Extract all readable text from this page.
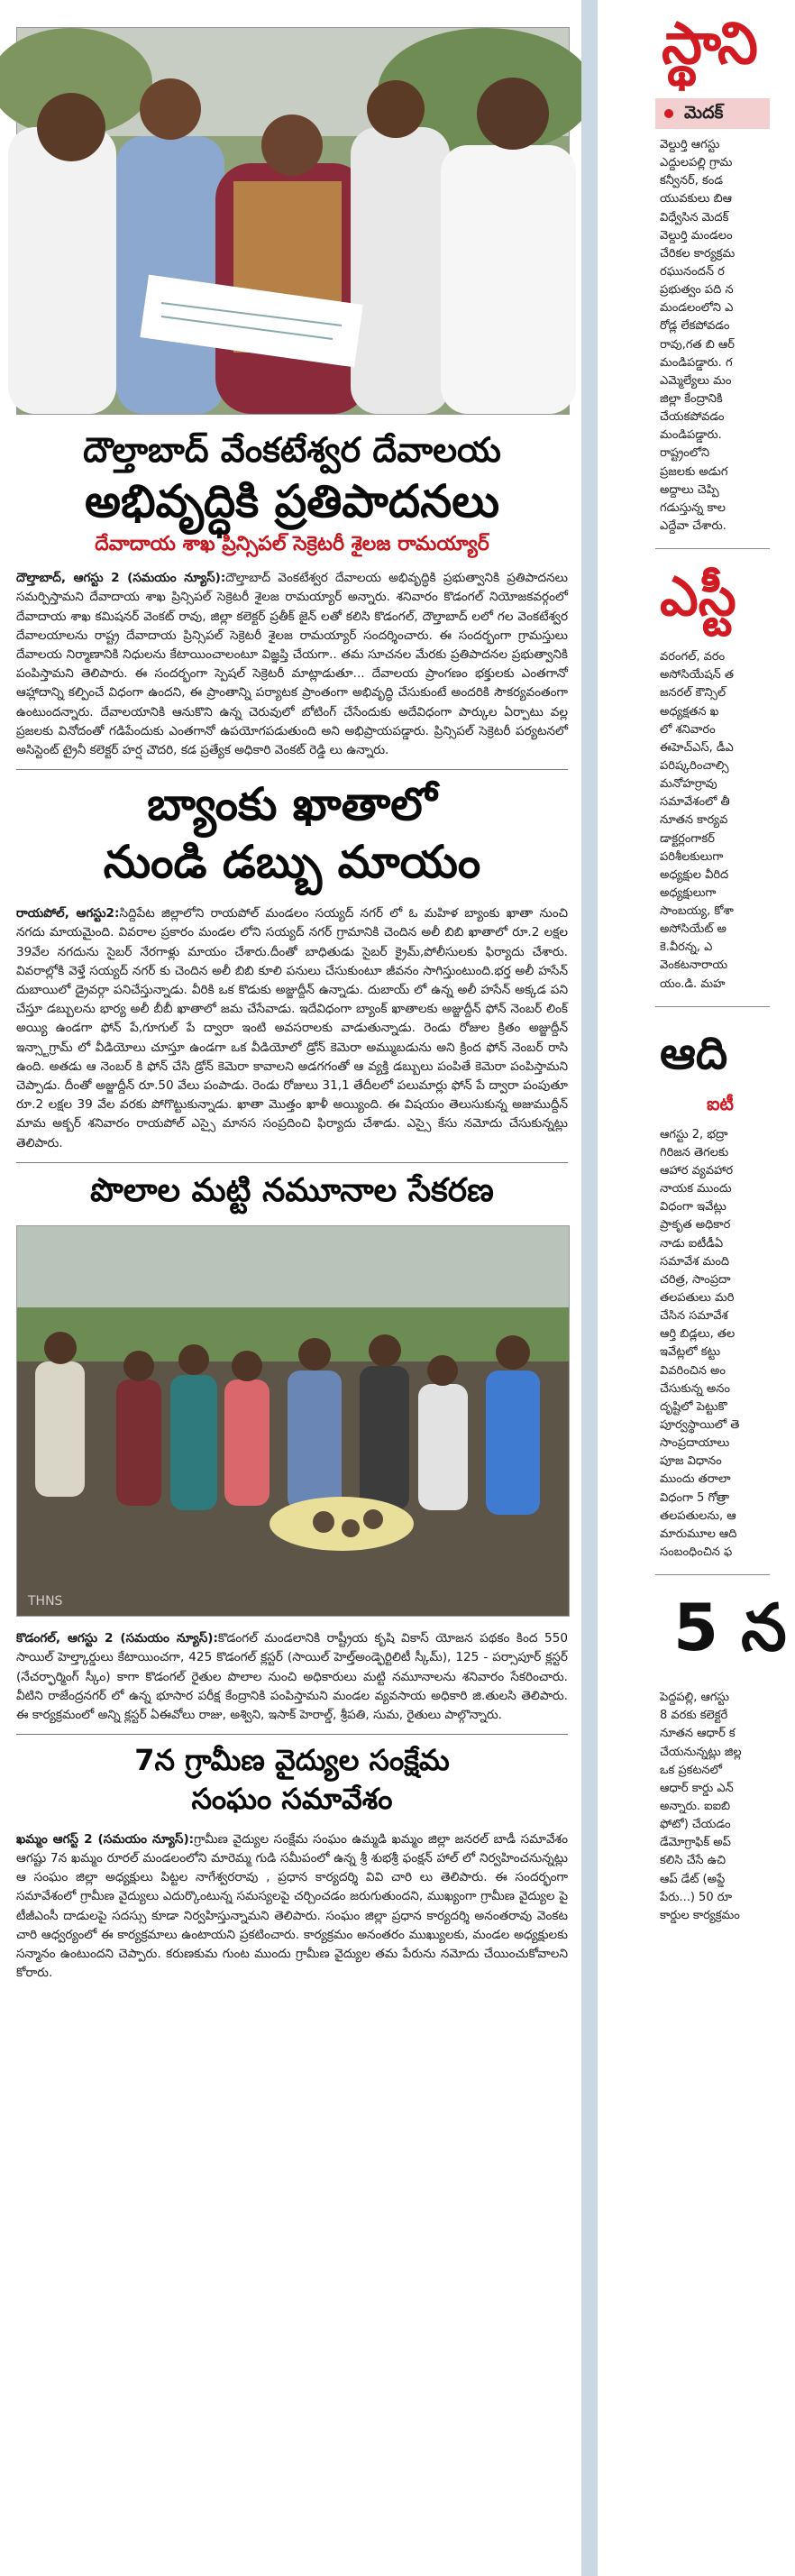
దౌల్తాబాద్ వేంకటేశ్వర దేవాలయ
అభివృద్ధికి ప్రతిపాదనలు
దేవాదాయ శాఖ ప్రిన్సిపల్ సెక్రెటరీ శైలజ రామయ్యార్

దౌల్తాబాద్, ఆగస్టు 2 (సమయం న్యూస్):దౌల్తాబాద్ వెంకటేశ్వర దేవాలయ అభివృద్ధికి ప్రభుత్వానికి ప్రతిపాదనలు సమర్పిస్తామని దేవాదాయ శాఖ ప్రిన్సిపల్ సెక్రెటరీ శైలజ రామయ్యార్ అన్నారు. శనివారం కొడంగల్ నియోజకవర్గంలో దేవాదాయ శాఖ కమిషనర్ వెంకట్ రావు, జిల్లా కలెక్టర్ ప్రతీక్ జైన్ లతో కలిసి కొడంగల్, దౌల్తాబాద్ లలో గల వెంకటేశ్వర దేవాలయాలను రాష్ట్ర దేవాదాయ ప్రిన్సిపల్ సెక్రెటరీ శైలజ రామయ్యార్ సందర్శించారు. ఈ సందర్భంగా గ్రామస్తులు దేవాలయ నిర్మాణానికి నిధులను కేటాయించాలంటూ విజ్ఞప్తి చేయగా.. తమ సూచనల మేరకు ప్రతిపాదనల ప్రభుత్వానికి పంపిస్తామని తెలిపారు. ఈ సందర్భంగా స్పెషల్ సెక్రెటరీ మాట్లాడుతూ... దేవాలయ ప్రాంగణం భక్తులకు ఎంతగానో ఆహ్లాదాన్ని కల్పించే విధంగా ఉందని, ఈ ప్రాంతాన్ని పర్యాటక ప్రాంతంగా అభివృద్ధి చేసుకుంటే అందరికి సౌకర్యవంతంగా ఉంటుందన్నారు. దేవాలయానికి ఆనుకొని ఉన్న చెరువులో బోటింగ్ చేసేందుకు అదేవిధంగా పార్కుల ఏర్పాటు వల్ల ప్రజలకు వినోదంతో గడిపేందుకు ఎంతగానో ఉపయోగపడుతుంది అని అభిప్రాయపడ్డారు. ప్రిన్సిపల్ సెక్రెటరీ పర్యటనలో అసిస్టెంట్ ట్రైనీ కలెక్టర్ హర్ష చౌదరి, కడ ప్రత్యేక అధికారి వెంకట్ రెడ్డి లు ఉన్నారు.

బ్యాంకు ఖాతాలో
నుండి డబ్బు మాయం

రాయపోల్, ఆగస్టు2:సిద్దిపేట జిల్లాలోని రాయపోల్ మండలం సయ్యద్ నగర్ లో ఓ మహిళ బ్యాంకు ఖాతా నుంచి నగదు మాయమైంది. వివరాల ప్రకారం మండల లోని సయ్యద్ నగర్ గ్రామానికి చెందిన అలీ బిబి ఖాతాలో రూ.2 లక్షల 39వేల నగదును సైబర్ నేరగాళ్లు మాయం చేశారు.దీంతో బాధితుడు సైబర్ క్రైమ్,పోలీసులకు ఫిర్యాదు చేశారు. వివరాల్లోకి వెళ్తే సయ్యద్ నగర్ కు చెందిన అలీ బిబి కూలి పనులు చేసుకుంటూ జీవనం సాగిస్తుంటుంది.భర్త అలీ హసేన్ దుబాయిలో డ్రైవర్గా పనిచేస్తున్నాడు. వీరికి ఒక కొడుకు అజ్జుద్దీన్ ఉన్నాడు. దుబాయ్ లో ఉన్న అలీ హసేన్ అక్కడ పని చేస్తూ డబ్బులను భార్య అలీ బీబీ ఖాతాలో జమ చేసేవాడు. ఇదేవిధంగా బ్యాంక్ ఖాతాలకు అజ్జుద్దీన్ ఫోన్ నెంబర్ లింక్ అయ్యి ఉండగా ఫోన్ పే,గూగుల్ పే ద్వారా ఇంటి అవసరాలకు వాడుతున్నాడు. రెండు రోజుల క్రితం అజ్జుద్దీన్ ఇన్స్టాగ్రామ్ లో వీడియోలు చూస్తూ ఉండగా ఒక వీడియోలో డ్రోన్ కెమెరా అమ్ముబడును అని క్రింద ఫోన్ నెంబర్ రాసి ఉంది. అతడు ఆ నెంబర్ కి ఫోన్ చేసి డ్రోన్ కెమెరా కావాలని అడగగంతో ఆ వ్యక్తి డబ్బులు పంపితే కెమెరా పంపిస్తామని చెప్పాడు. దీంతో అజ్జుద్దీన్ రూ.50 వేలు పంపాడు. రెండు రోజులు 31,1 తేదీలలో పలుమార్లు ఫోన్ పే ద్వారా పంపుతూ రూ.2 లక్షల 39 వేల వరకు పోగొట్టుకున్నాడు. ఖాతా మొత్తం ఖాళీ అయ్యింది. ఈ విషయం తెలుసుకున్న అజుముద్దీన్ మామ అక్బర్ శనివారం రాయపోల్ ఎస్సై మానస సంప్రదించి ఫిర్యాదు చేశాడు. ఎస్సై కేసు నమోదు చేసుకున్నట్లు తెలిపారు.

పొలాల మట్టి నమూనాల సేకరణ
THNS

కొడంగల్, ఆగస్టు 2 (సమయం న్యూస్):కొడంగల్ మండలానికి రాష్ట్రీయ కృషి వికాస్ యోజన పథకం కింద 550 సాయిల్ హెల్త్కార్డులు కేటాయించగా, 425 కొడంగల్ క్లస్టర్ (సాయిల్ హెల్త్అండ్ఫెర్టిలిటీ స్కీమ్), 125 - పర్సాపూర్ క్లస్టర్ (నేచర్ఫార్మింగ్ స్కీం) కాగా కొడంగల్ రైతుల పొలాల నుంచి అధికారులు మట్టి నమూనాలను శనివారం సేకరించారు. వీటిని రాజేంద్రనగర్ లో ఉన్న భూసార పరీక్ష కేంద్రానికి పంపిస్తామని మండల వ్యవసాయ అధికారి జి.తులసి తెలిపారు. ఈ కార్యక్రమంలో అన్ని క్లస్టర్ ఏఈవోలు రాజు, అశ్విని, ఇసాక్ హెరాల్డ్, శ్రీపతి, సుమ, రైతులు పాల్గొన్నారు.

7న గ్రామీణ వైద్యుల సంక్షేమ
సంఘం సమావేశం

ఖమ్మం ఆగస్ట్ 2 (సమయం న్యూస్):గ్రామీణ వైద్యుల సంక్షేమ సంఘం ఉమ్మడి ఖమ్మం జిల్లా జనరల్ బాడీ సమావేశం ఆగష్టు 7న ఖమ్మం రూరల్ మండలంలోని మారెమ్మ గుడి సమీపంలో ఉన్న శ్రీ శుభశ్రీ ఫంక్షన్ హాల్ లో నిర్వహించనున్నట్లు ఆ సంఘం జిల్లా అధ్యక్షులు పిట్టల నాగేశ్వరరావు , ప్రధాన కార్యదర్శి వివి చారి లు తెలిపారు. ఈ సందర్భంగా సమావేశంలో గ్రామీణ వైద్యులు ఎదుర్కొంటున్న సమస్యలపై చర్చించడం జరుగుతుందని, ముఖ్యంగా గ్రామీణ వైద్యుల పై టీజీఎంసీ దాడులపై సదస్సు కూడా నిర్వహిస్తున్నామని తెలిపారు. సంఘం జిల్లా ప్రధాన కార్యదర్శి అనంతరావు వెంకట చారి ఆధ్వర్యంలో ఈ కార్యక్రమాలు ఉంటాయని ప్రకటించారు. కార్యక్రమం అనంతరం ముఖ్యులకు, మండల అధ్యక్షులకు సన్మానం ఉంటుందని చెప్పారు. కరుణకుమ గుంట ముందు గ్రామీణ వైద్యుల తమ పేరును నమోదు చేయించుకోవాలని కోరారు.

స్థాని
మెదక్
వెల్దుర్తి ఆగస్టు
ఎద్దులపల్లి గ్రామ
కన్వీనర్, కండ
యువకులు బిఆ
విధ్వేసిన మెదక్
వెల్దుర్తి మండలం
చేరికల కార్యక్రమ
రఘునందన్ ర
ప్రభుత్వం పది న
మండలంలోని ఎ
రోడ్ల లేకపోవడం
రావు,గత బి ఆర్
మండిపడ్డారు. గ
ఎమ్మెల్యేలు మం
జిల్లా కేంద్రానికి
చేయకపోవడం
మండిపడ్డారు.
రాష్ట్రంలోని
ప్రజలకు అడుగ
అద్దాలు చెప్పి
గడుస్తున్న కాల
ఎద్దేవా చేశారు.
ఎస్టీ
వరంగల్, వరం
అసోసియేషన్ త
జనరల్ కౌన్సిల్
అధ్యక్షతన ఖ
లో శనివారం
ఈహెచ్ఎస్, డీఎ
పరిష్కరించాల్సి
మనోహర్రావు
సమావేశంలో తీ
నూతన కార్యవ
డాక్టర్లంగాకర్
పరిశీలకులుగా
అధ్యక్షుల వీరిద
అధ్యక్షులుగా
సాంబయ్య, కోశా
అసోసియేట్ అ
కె.వీరన్న, ఎ
వెంకటనారాయ
యం.డి. మహ
ఆది
ఐటీ
ఆగస్టు 2, భద్రా
గిరిజన తెగలకు
ఆహార వ్యవహార
నాయక ముందు
విధంగా ఇవేట్లు
ప్రాకృత అధికార
నాడు ఐటీడీఏ
సమావేశ మంది
చరిత్ర, సాంప్రదా
తలపతులు మరి
చేసిన సమావేశ
ఆర్తి బిడ్లలు, తల
ఇవేట్లలో కట్టు
వివరించిన అం
చేసుకున్న అనం
దృష్టిలో పెట్టుకొ
పూర్వస్థాయిలో తె
సాంప్రదాయాలు
పూజ విధానం
ముందు తరాలా
విధంగా 5 గోత్రా
తలపతులను, ఆ
మారుమూల ఆది
సంబంధించిన ఫ
5 న
పెద్దపల్లి, ఆగస్టు
8 వరకు కలెక్టరే
నూతన ఆధార్ క
చేయనున్నట్లు జిల్ల
ఒక ప్రకటనలో
ఆధార్ కార్డు ఎన్
అన్నారు. ఐఐబి
ఫోటో) చేయడం
డేమోగ్రాఫిక్ అప్
కలిసి చేసే ఉచి
ఆప్ డేట్ (అప్డే
పేరు...) 50 రూ
కార్డుల కార్యక్రమం
